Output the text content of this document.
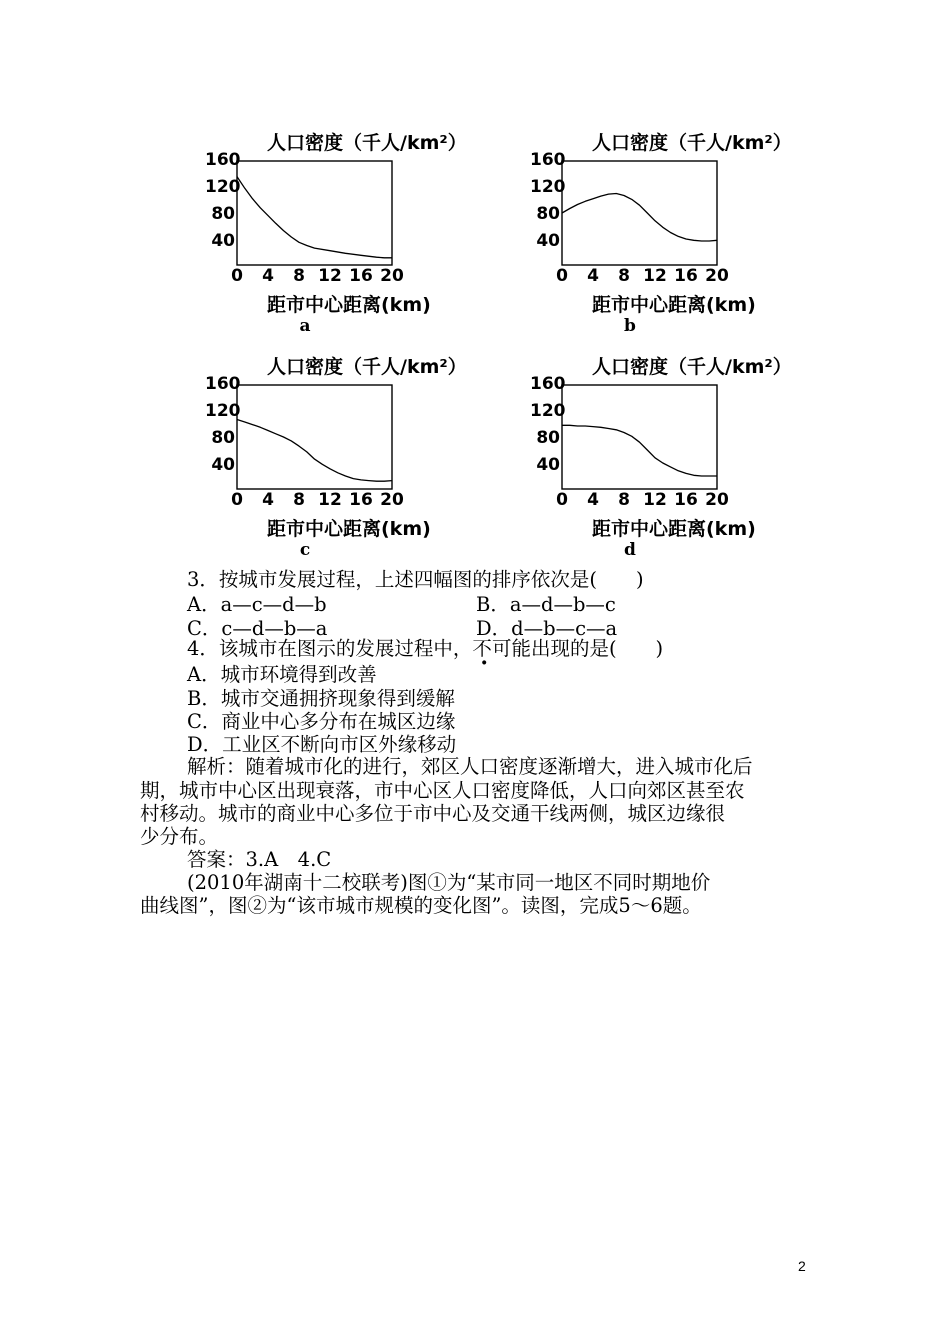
人口密度（千人/km²）
160
120
80
40
0	4	8 12 16 20
距市中心距离(km)
a
人口密度（千人/km²）
160
120
80
40
0	4	8 12 16 20
距市中心距离(km)
b
人口密度（千人/km²）
160
120
80
40
0	4	8 12 16 20
距市中心距离(km)
c
人口密度（千人/km²）
160
120
80
40
0	4	8 12 16 20
距市中心距离(km)
d
3．按城市发展过程，上述四幅图的排序依次是(　　)
A．a—c—d—b	B．a—d—b—c
C．c—d—b—a	D．d—b—c—a
4．该城市在图示的发展过程中，不可能出现的是(　　)
A．城市环境得到改善
B．城市交通拥挤现象得到缓解
C．商业中心多分布在城区边缘
D．工业区不断向市区外缘移动
解析：随着城市化的进行，郊区人口密度逐渐增大，进入城市化后
期，城市中心区出现衰落，市中心区人口密度降低，人口向郊区甚至农
村移动。城市的商业中心多位于市中心及交通干线两侧，城区边缘很
少分布。
答案：3.A　4.C
(2010年湖南十二校联考)图①为“某市同一地区不同时期地价
曲线图”，图②为“该市城市规模的变化图”。读图，完成5～6题。
2
